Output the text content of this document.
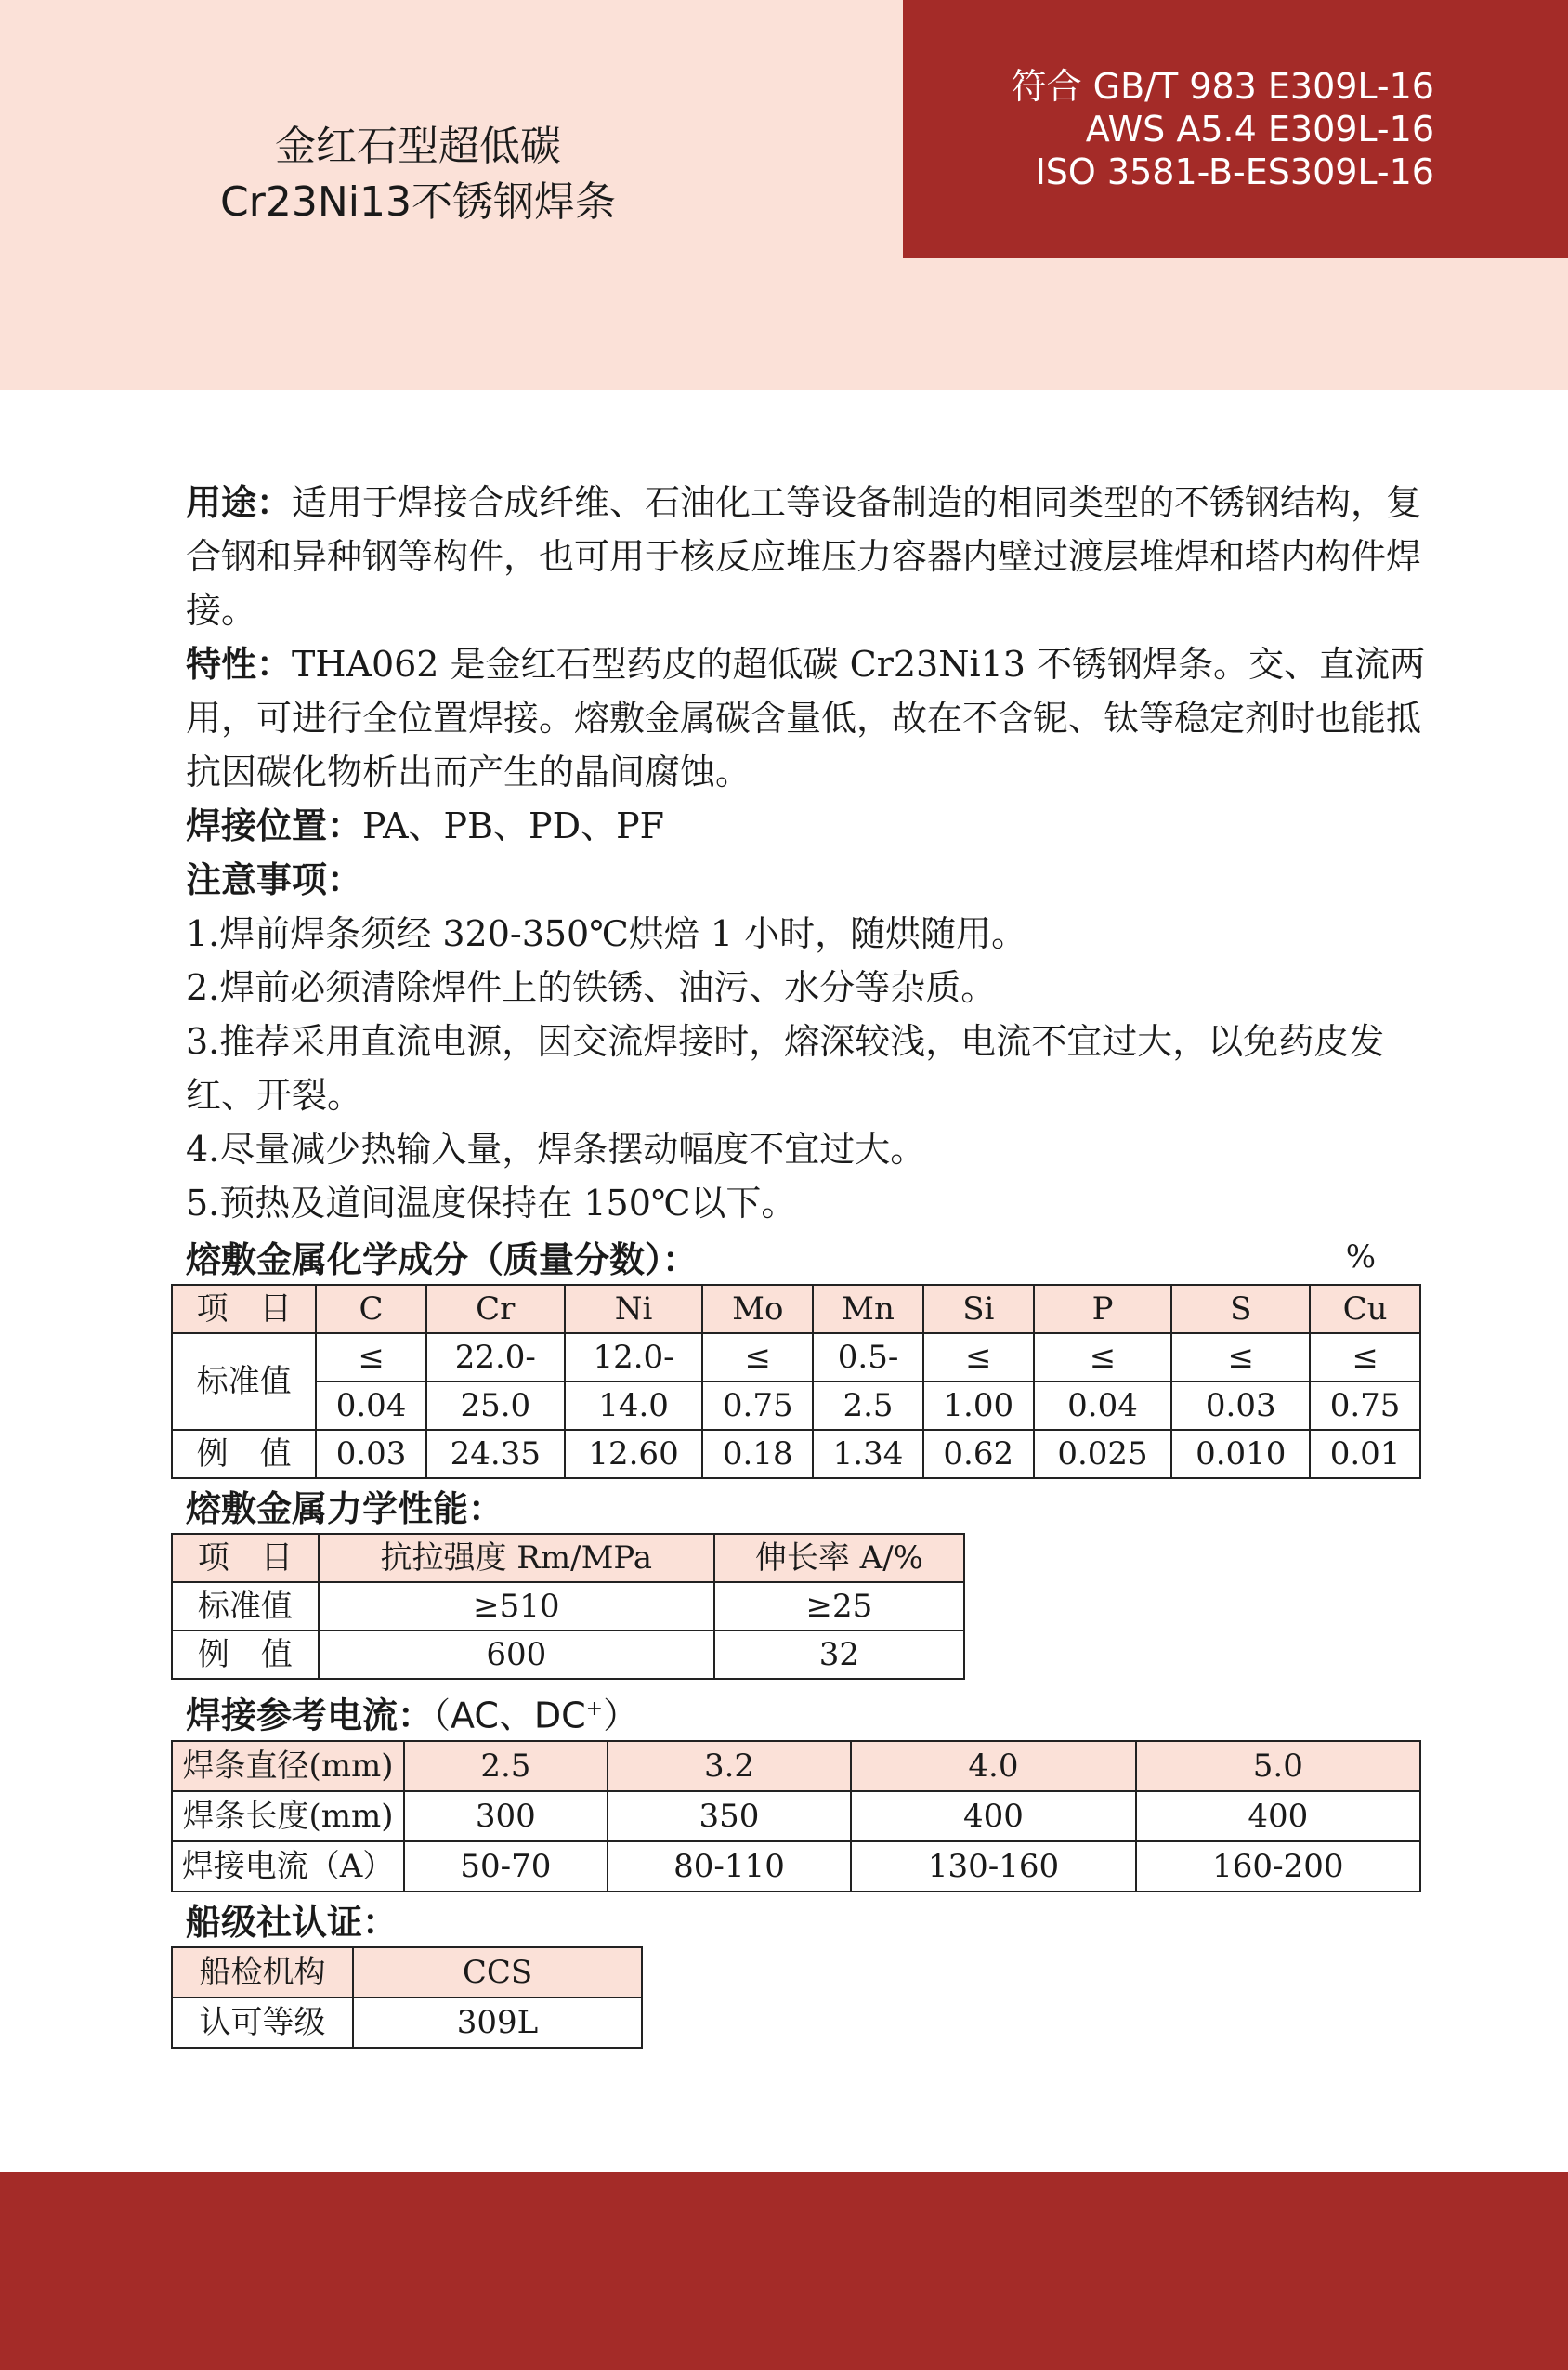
金红石型超低碳
Cr23Ni13不锈钢焊条
符合 GB/T 983 E309L-16
AWS A5.4 E309L-16
ISO 3581-B-ES309L-16

用途：适用于焊接合成纤维、石油化工等设备制造的相同类型的不锈钢结构，复合钢和异种钢等构件，也可用于核反应堆压力容器内壁过渡层堆焊和塔内构件焊接。

特性：THA062 是金红石型药皮的超低碳 Cr23Ni13 不锈钢焊条。交、直流两用，可进行全位置焊接。熔敷金属碳含量低，故在不含铌、钛等稳定剂时也能抵抗因碳化物析出而产生的晶间腐蚀。

焊接位置：PA、PB、PD、PF

注意事项：

1.焊前焊条须经 320-350℃烘焙 1 小时，随烘随用。

2.焊前必须清除焊件上的铁锈、油污、水分等杂质。

3.推荐采用直流电源，因交流焊接时，熔深较浅，电流不宜过大，以免药皮发红、开裂。

4.尽量减少热输入量，焊条摆动幅度不宜过大。

5.预热及道间温度保持在 150℃以下。

熔敷金属化学成分（质量分数）：	%
项　目	C	Cr	Ni	Mo	Mn	Si	P	S	Cu
标准值	≤	22.0-	12.0-	≤	0.5-	≤	≤	≤	≤
	0.04	25.0	14.0	0.75	2.5	1.00	0.04	0.03	0.75
例　值	0.03	24.35	12.60	0.18	1.34	0.62	0.025	0.010	0.01

熔敷金属力学性能：

项　目	抗拉强度 Rm/MPa	伸长率 A/%
标准值	≥510	≥25
例　值	600	32

焊接参考电流：（AC、DC+）

焊条直径(mm)	2.5	3.2	4.0	5.0
焊条长度(mm)	300	350	400	400
焊接电流（A）	50-70	80-110	130-160	160-200

船级社认证：

船检机构	CCS
认可等级	309L
